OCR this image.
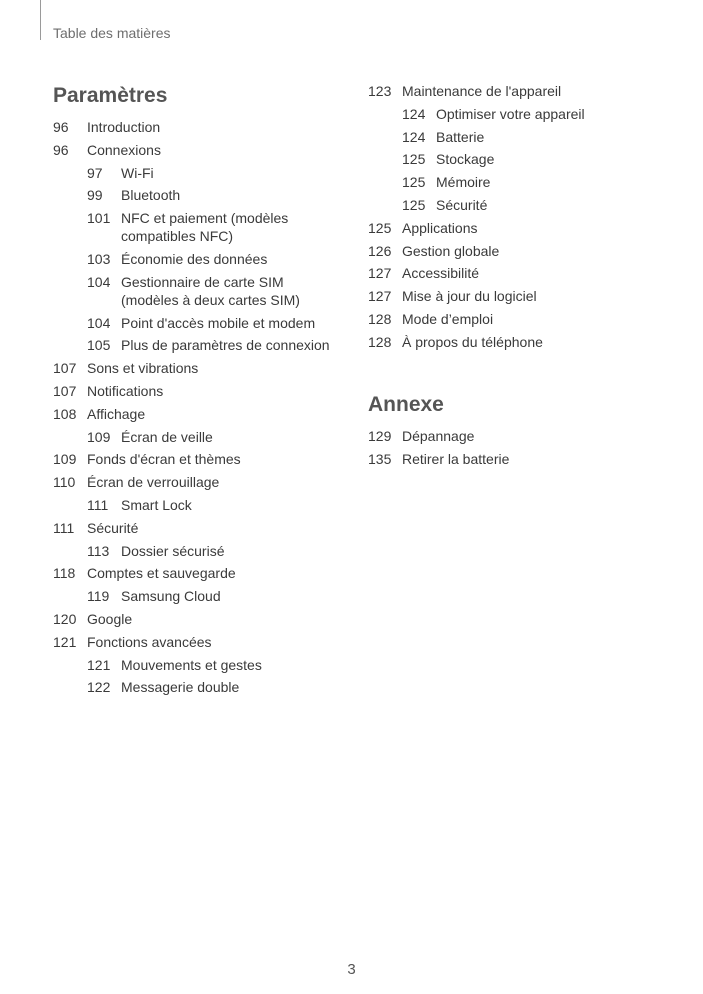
Table des matières
Paramètres
96	Introduction
96	Connexions
97	Wi-Fi
99	Bluetooth
101 NFC et paiement (modèles compatibles NFC)
103 Économie des données
104 Gestionnaire de carte SIM (modèles à deux cartes SIM)
104 Point d'accès mobile et modem
105 Plus de paramètres de connexion
107 Sons et vibrations
107 Notifications
108 Affichage
109 Écran de veille
109 Fonds d'écran et thèmes
110 Écran de verrouillage
111 Smart Lock
111 Sécurité
113 Dossier sécurisé
118 Comptes et sauvegarde
119 Samsung Cloud
120 Google
121 Fonctions avancées
121 Mouvements et gestes
122 Messagerie double
123 Maintenance de l'appareil
124 Optimiser votre appareil
124 Batterie
125 Stockage
125 Mémoire
125 Sécurité
125 Applications
126 Gestion globale
127 Accessibilité
127 Mise à jour du logiciel
128 Mode d’emploi
128 À propos du téléphone
Annexe
129 Dépannage
135 Retirer la batterie
3
